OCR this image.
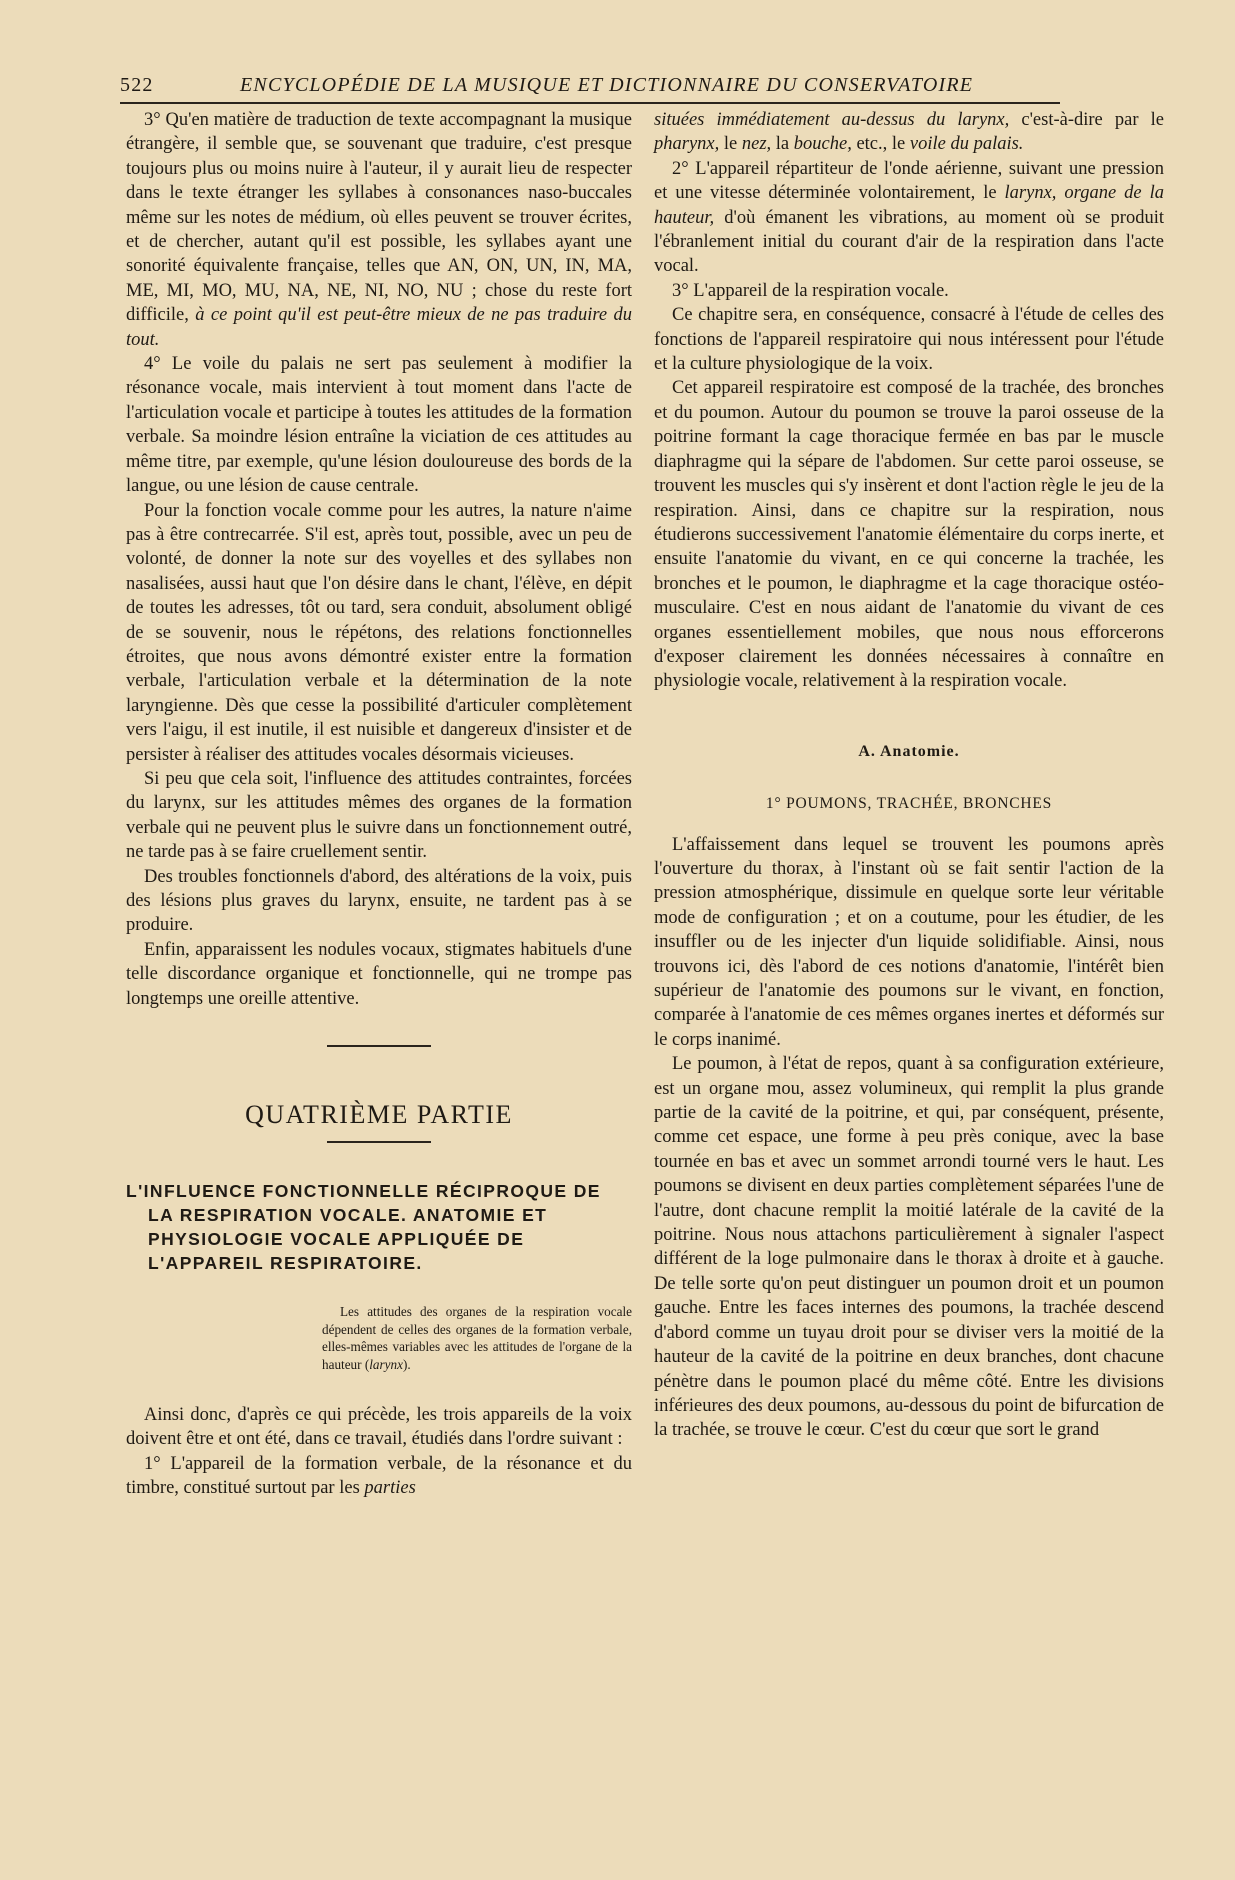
522	ENCYCLOPÉDIE DE LA MUSIQUE ET DICTIONNAIRE DU CONSERVATOIRE

3° Qu'en matière de traduction de texte accompagnant la musique étrangère, il semble que, se souvenant que traduire, c'est presque toujours plus ou moins nuire à l'auteur, il y aurait lieu de respecter dans le texte étranger les syllabes à consonances naso-buccales même sur les notes de médium, où elles peuvent se trouver écrites, et de chercher, autant qu'il est possible, les syllabes ayant une sonorité équivalente française, telles que AN, ON, UN, IN, MA, ME, MI, MO, MU, NA, NE, NI, NO, NU ; chose du reste fort difficile, à ce point qu'il est peut-être mieux de ne pas traduire du tout.

4° Le voile du palais ne sert pas seulement à modifier la résonance vocale, mais intervient à tout moment dans l'acte de l'articulation vocale et participe à toutes les attitudes de la formation verbale. Sa moindre lésion entraîne la viciation de ces attitudes au même titre, par exemple, qu'une lésion douloureuse des bords de la langue, ou une lésion de cause centrale.

Pour la fonction vocale comme pour les autres, la nature n'aime pas à être contrecarrée. S'il est, après tout, possible, avec un peu de volonté, de donner la note sur des voyelles et des syllabes non nasalisées, aussi haut que l'on désire dans le chant, l'élève, en dépit de toutes les adresses, tôt ou tard, sera conduit, absolument obligé de se souvenir, nous le répétons, des relations fonctionnelles étroites, que nous avons démontré exister entre la formation verbale, l'articulation verbale et la détermination de la note laryngienne. Dès que cesse la possibilité d'articuler complètement vers l'aigu, il est inutile, il est nuisible et dangereux d'insister et de persister à réaliser des attitudes vocales désormais vicieuses.

Si peu que cela soit, l'influence des attitudes contraintes, forcées du larynx, sur les attitudes mêmes des organes de la formation verbale qui ne peuvent plus le suivre dans un fonctionnement outré, ne tarde pas à se faire cruellement sentir.

Des troubles fonctionnels d'abord, des altérations de la voix, puis des lésions plus graves du larynx, ensuite, ne tardent pas à se produire.

Enfin, apparaissent les nodules vocaux, stigmates habituels d'une telle discordance organique et fonctionnelle, qui ne trompe pas longtemps une oreille attentive.

QUATRIÈME PARTIE

L'INFLUENCE FONCTIONNELLE RÉCIPROQUE DE LA RESPIRATION VOCALE. ANATOMIE ET PHYSIOLOGIE VOCALE APPLIQUÉE DE L'APPAREIL RESPIRATOIRE.

Les attitudes des organes de la respiration vocale dépendent de celles des organes de la formation verbale, elles-mêmes variables avec les attitudes de l'organe de la hauteur (larynx).

Ainsi donc, d'après ce qui précède, les trois appareils de la voix doivent être et ont été, dans ce travail, étudiés dans l'ordre suivant :

1° L'appareil de la formation verbale, de la résonance et du timbre, constitué surtout par les parties

situées immédiatement au-dessus du larynx, c'est-à-dire par le pharynx, le nez, la bouche, etc., le voile du palais.

2° L'appareil répartiteur de l'onde aérienne, suivant une pression et une vitesse déterminée volontairement, le larynx, organe de la hauteur, d'où émanent les vibrations, au moment où se produit l'ébranlement initial du courant d'air de la respiration dans l'acte vocal.

3° L'appareil de la respiration vocale.

Ce chapitre sera, en conséquence, consacré à l'étude de celles des fonctions de l'appareil respiratoire qui nous intéressent pour l'étude et la culture physiologique de la voix.

Cet appareil respiratoire est composé de la trachée, des bronches et du poumon. Autour du poumon se trouve la paroi osseuse de la poitrine formant la cage thoracique fermée en bas par le muscle diaphragme qui la sépare de l'abdomen. Sur cette paroi osseuse, se trouvent les muscles qui s'y insèrent et dont l'action règle le jeu de la respiration. Ainsi, dans ce chapitre sur la respiration, nous étudierons successivement l'anatomie élémentaire du corps inerte, et ensuite l'anatomie du vivant, en ce qui concerne la trachée, les bronches et le poumon, le diaphragme et la cage thoracique ostéo-musculaire. C'est en nous aidant de l'anatomie du vivant de ces organes essentiellement mobiles, que nous nous efforcerons d'exposer clairement les données nécessaires à connaître en physiologie vocale, relativement à la respiration vocale.

A. Anatomie.

1° POUMONS, TRACHÉE, BRONCHES

L'affaissement dans lequel se trouvent les poumons après l'ouverture du thorax, à l'instant où se fait sentir l'action de la pression atmosphérique, dissimule en quelque sorte leur véritable mode de configuration ; et on a coutume, pour les étudier, de les insuffler ou de les injecter d'un liquide solidifiable. Ainsi, nous trouvons ici, dès l'abord de ces notions d'anatomie, l'intérêt bien supérieur de l'anatomie des poumons sur le vivant, en fonction, comparée à l'anatomie de ces mêmes organes inertes et déformés sur le corps inanimé.

Le poumon, à l'état de repos, quant à sa configuration extérieure, est un organe mou, assez volumineux, qui remplit la plus grande partie de la cavité de la poitrine, et qui, par conséquent, présente, comme cet espace, une forme à peu près conique, avec la base tournée en bas et avec un sommet arrondi tourné vers le haut. Les poumons se divisent en deux parties complètement séparées l'une de l'autre, dont chacune remplit la moitié latérale de la cavité de la poitrine. Nous nous attachons particulièrement à signaler l'aspect différent de la loge pulmonaire dans le thorax à droite et à gauche. De telle sorte qu'on peut distinguer un poumon droit et un poumon gauche. Entre les faces internes des poumons, la trachée descend d'abord comme un tuyau droit pour se diviser vers la moitié de la hauteur de la cavité de la poitrine en deux branches, dont chacune pénètre dans le poumon placé du même côté. Entre les divisions inférieures des deux poumons, au-dessous du point de bifurcation de la trachée, se trouve le cœur. C'est du cœur que sort le grand
